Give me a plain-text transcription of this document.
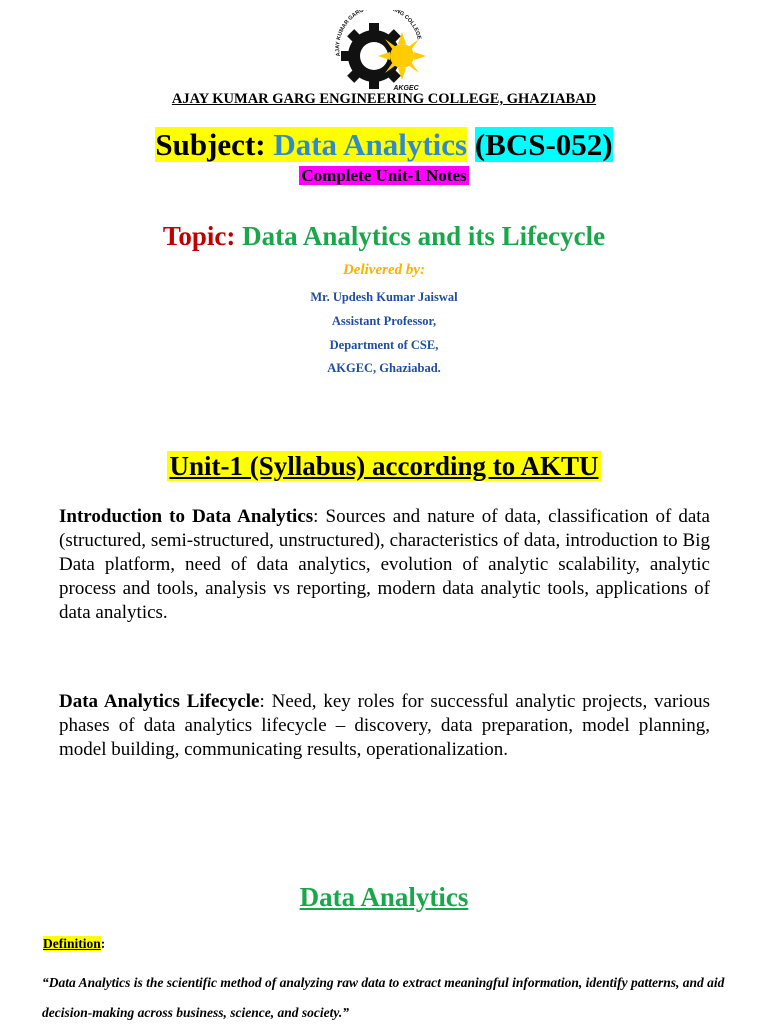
AJAY KUMAR GARG ING COLLEGE
AKGEC
AJAY KUMAR GARG ENGINEERING COLLEGE, GHAZIABAD
Subject: Data Analytics (BCS-052)
Complete Unit-1 Notes
Topic: Data Analytics and its Lifecycle
Delivered by:
Mr. Updesh Kumar Jaiswal
Assistant Professor,
Department of CSE,
AKGEC, Ghaziabad.
Unit-1 (Syllabus) according to AKTU
Introduction to Data Analytics: Sources and nature of data, classification of data (structured, semi-structured, unstructured), characteristics of data, introduction to Big Data platform, need of data analytics, evolution of analytic scalability, analytic process and tools, analysis vs reporting, modern data analytic tools, applications of data analytics.
Data Analytics Lifecycle: Need, key roles for successful analytic projects, various phases of data analytics lifecycle – discovery, data preparation, model planning, model building, communicating results, operationalization.
Data Analytics
Definition:
“Data Analytics is the scientific method of analyzing raw data to extract meaningful information, identify patterns, and aid decision-making across business, science, and society.”
